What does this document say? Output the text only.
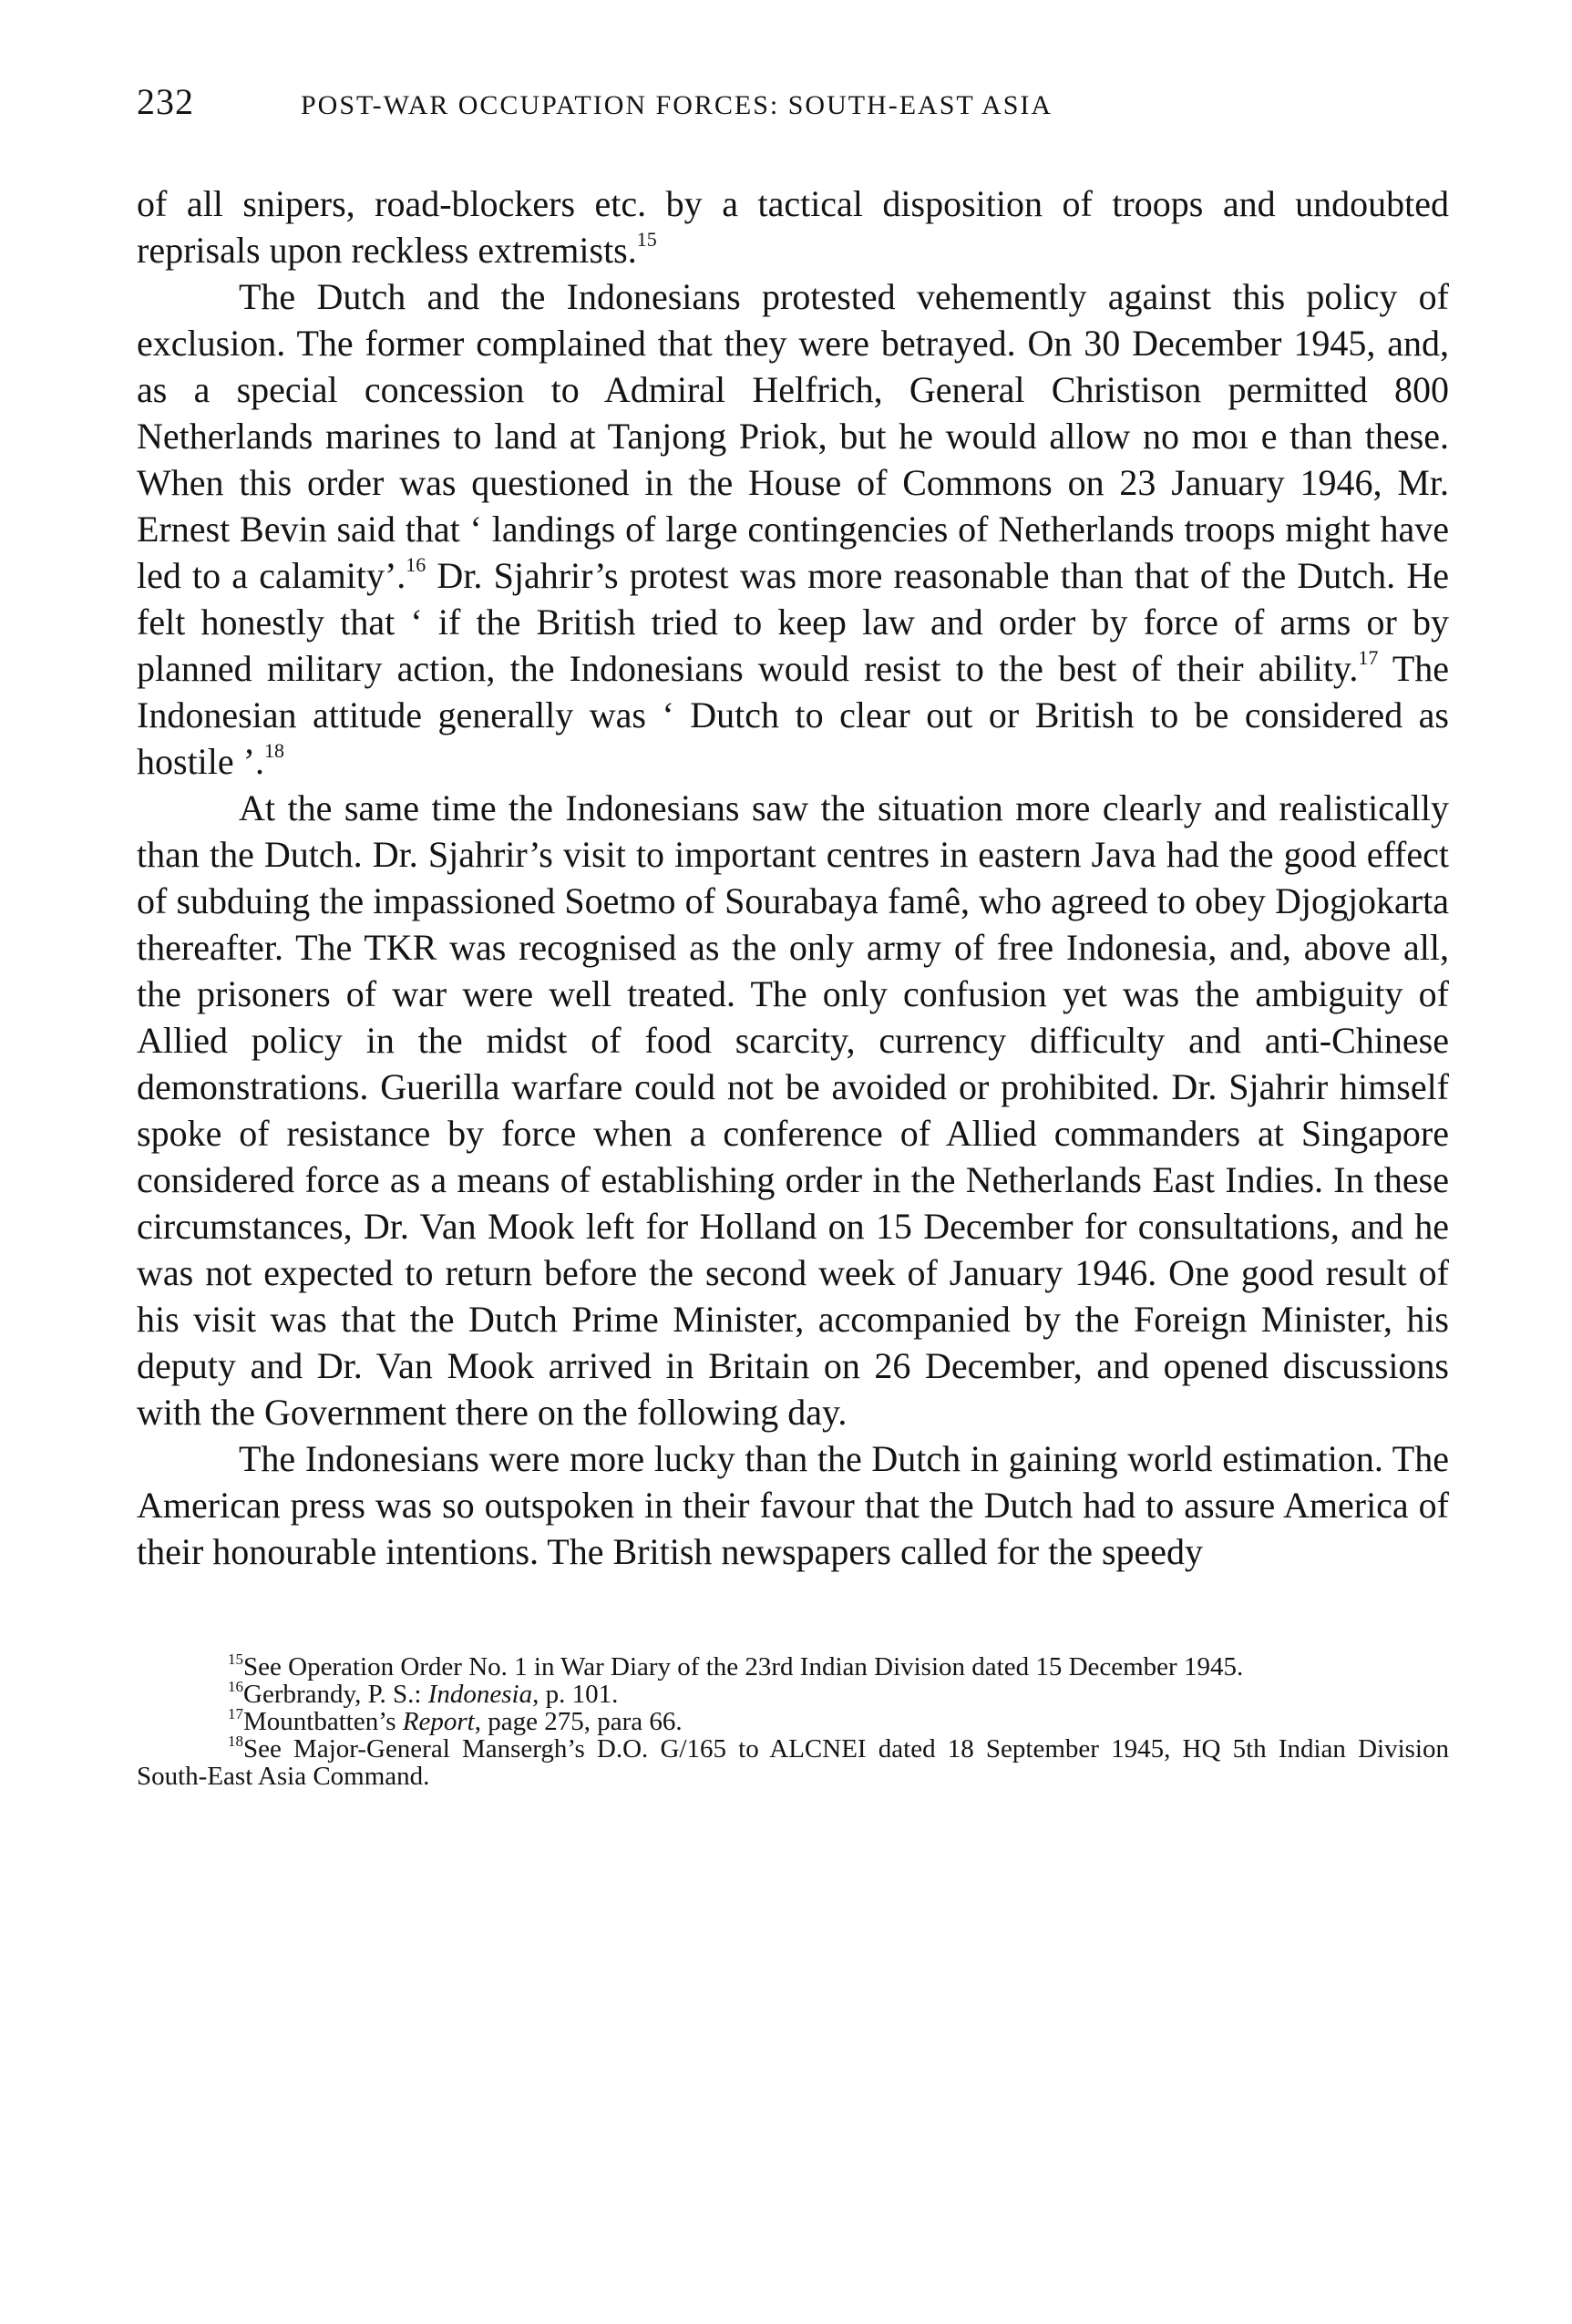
232	POST-WAR OCCUPATION FORCES: SOUTH-EAST ASIA

of all snipers, road-blockers etc. by a tactical disposition of troops and undoubted reprisals upon reckless extremists.$^{15}$

The Dutch and the Indonesians protested vehemently against this policy of exclusion. The former complained that they were betrayed. On 30 December 1945, and, as a special concession to Admiral Helfrich, General Christison permitted 800 Netherlands marines to land at Tanjong Priok, but he would allow no moı e than these. When this order was questioned in the House of Commons on 23 January 1946, Mr. Ernest Bevin said that ‘ landings of large contingencies of Netherlands troops might have led to a calamity’.$^{16}$ Dr. Sjahrir’s protest was more reasonable than that of the Dutch. He felt honestly that ‘ if the British tried to keep law and order by force of arms or by planned military action, the Indonesians would resist to the best of their ability.$^{17}$ The Indonesian attitude generally was ‘ Dutch to clear out or British to be considered as hostile ’.$^{18}$

At the same time the Indonesians saw the situation more clearly and realistically than the Dutch. Dr. Sjahrir’s visit to important centres in eastern Java had the good effect of subduing the impassioned Soetmo of Sourabaya famê, who agreed to obey Djogjokarta thereafter. The TKR was recognised as the only army of free Indonesia, and, above all, the prisoners of war were well treated. The only confusion yet was the ambiguity of Allied policy in the midst of food scarcity, currency difficulty and anti-Chinese demonstrations. Guerilla warfare could not be avoided or prohibited. Dr. Sjahrir himself spoke of resistance by force when a conference of Allied commanders at Singapore considered force as a means of establishing order in the Netherlands East Indies. In these circumstances, Dr. Van Mook left for Holland on 15 December for consultations, and he was not expected to return before the second week of January 1946. One good result of his visit was that the Dutch Prime Minister, accompanied by the Foreign Minister, his deputy and Dr. Van Mook arrived in Britain on 26 December, and opened discussions with the Government there on the following day.

The Indonesians were more lucky than the Dutch in gaining world estimation. The American press was so outspoken in their favour that the Dutch had to assure America of their honourable intentions. The British newspapers called for the speedy

$^{15}$See Operation Order No. 1 in War Diary of the 23rd Indian Division dated 15 December 1945.

$^{16}$Gerbrandy, P. S.: Indonesia, p. 101.

$^{17}$Mountbatten’s Report, page 275, para 66.

$^{18}$See Major-General Mansergh’s D.O. G/165 to ALCNEI dated 18 September 1945, HQ 5th Indian Division South-East Asia Command.
